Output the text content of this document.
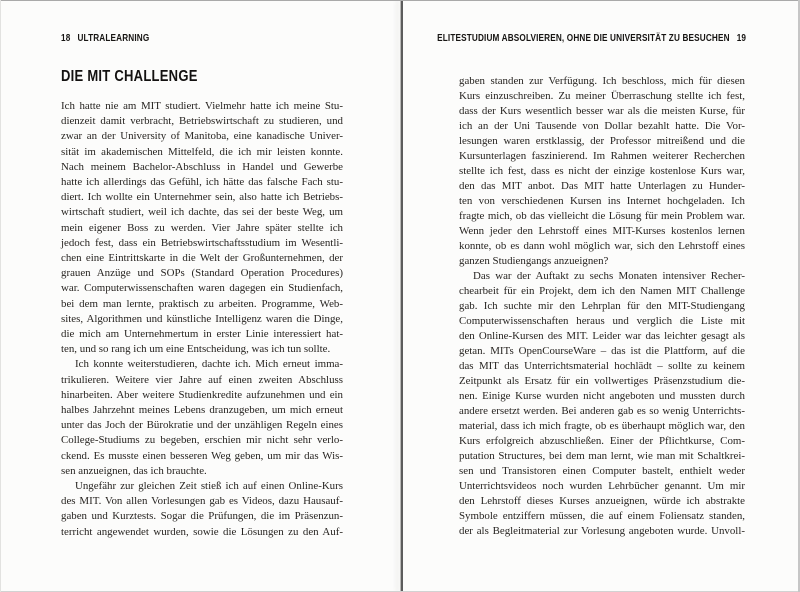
18 ULTRALEARNING
DIE MIT CHALLENGE
Ich hatte nie am MIT studiert. Vielmehr hatte ich meine Stu-
dienzeit damit verbracht, Betriebswirtschaft zu studieren, und
zwar an der University of Manitoba, eine kanadische Univer-
sität im akademischen Mittelfeld, die ich mir leisten konnte.
Nach meinem Bachelor-Abschluss in Handel und Gewerbe
hatte ich allerdings das Gefühl, ich hätte das falsche Fach stu-
diert. Ich wollte ein Unternehmer sein, also hatte ich Betriebs-
wirtschaft studiert, weil ich dachte, das sei der beste Weg, um
mein eigener Boss zu werden. Vier Jahre später stellte ich
jedoch fest, dass ein Betriebswirtschaftsstudium im Wesentli-
chen eine Eintrittskarte in die Welt der Großunternehmen, der
grauen Anzüge und SOPs (Standard Operation Procedures)
war. Computerwissenschaften waren dagegen ein Studienfach,
bei dem man lernte, praktisch zu arbeiten. Programme, Web-
sites, Algorithmen und künstliche Intelligenz waren die Dinge,
die mich am Unternehmertum in erster Linie interessiert hat-
ten, und so rang ich um eine Entscheidung, was ich tun sollte.
Ich konnte weiterstudieren, dachte ich. Mich erneut imma-
trikulieren. Weitere vier Jahre auf einen zweiten Abschluss
hinarbeiten. Aber weitere Studienkredite aufzunehmen und ein
halbes Jahrzehnt meines Lebens dranzugeben, um mich erneut
unter das Joch der Bürokratie und der unzähligen Regeln eines
College-Studiums zu begeben, erschien mir nicht sehr verlo-
ckend. Es musste einen besseren Weg geben, um mir das Wis-
sen anzueignen, das ich brauchte.
Ungefähr zur gleichen Zeit stieß ich auf einen Online-Kurs
des MIT. Von allen Vorlesungen gab es Videos, dazu Hausauf-
gaben und Kurztests. Sogar die Prüfungen, die im Präsenzun-
terricht angewendet wurden, sowie die Lösungen zu den Auf-
ELITESTUDIUM ABSOLVIEREN, OHNE DIE UNIVERSITÄT ZU BESUCHEN 19
gaben standen zur Verfügung. Ich beschloss, mich für diesen
Kurs einzuschreiben. Zu meiner Überraschung stellte ich fest,
dass der Kurs wesentlich besser war als die meisten Kurse, für
ich an der Uni Tausende von Dollar bezahlt hatte. Die Vor-
lesungen waren erstklassig, der Professor mitreißend und die
Kursunterlagen faszinierend. Im Rahmen weiterer Recherchen
stellte ich fest, dass es nicht der einzige kostenlose Kurs war,
den das MIT anbot. Das MIT hatte Unterlagen zu Hunder-
ten von verschiedenen Kursen ins Internet hochgeladen. Ich
fragte mich, ob das vielleicht die Lösung für mein Problem war.
Wenn jeder den Lehrstoff eines MIT-Kurses kostenlos lernen
konnte, ob es dann wohl möglich war, sich den Lehrstoff eines
ganzen Studiengangs anzueignen?
Das war der Auftakt zu sechs Monaten intensiver Recher-
chearbeit für ein Projekt, dem ich den Namen MIT Challenge
gab. Ich suchte mir den Lehrplan für den MIT-Studiengang
Computerwissenschaften heraus und verglich die Liste mit
den Online-Kursen des MIT. Leider war das leichter gesagt als
getan. MITs OpenCourseWare – das ist die Plattform, auf die
das MIT das Unterrichtsmaterial hochlädt – sollte zu keinem
Zeitpunkt als Ersatz für ein vollwertiges Präsenzstudium die-
nen. Einige Kurse wurden nicht angeboten und mussten durch
andere ersetzt werden. Bei anderen gab es so wenig Unterrichts-
material, dass ich mich fragte, ob es überhaupt möglich war, den
Kurs erfolgreich abzuschließen. Einer der Pflichtkurse, Com-
putation Structures, bei dem man lernt, wie man mit Schaltkrei-
sen und Transistoren einen Computer bastelt, enthielt weder
Unterrichtsvideos noch wurden Lehrbücher genannt. Um mir
den Lehrstoff dieses Kurses anzueignen, würde ich abstrakte
Symbole entziffern müssen, die auf einem Foliensatz standen,
der als Begleitmaterial zur Vorlesung angeboten wurde. Unvoll-
